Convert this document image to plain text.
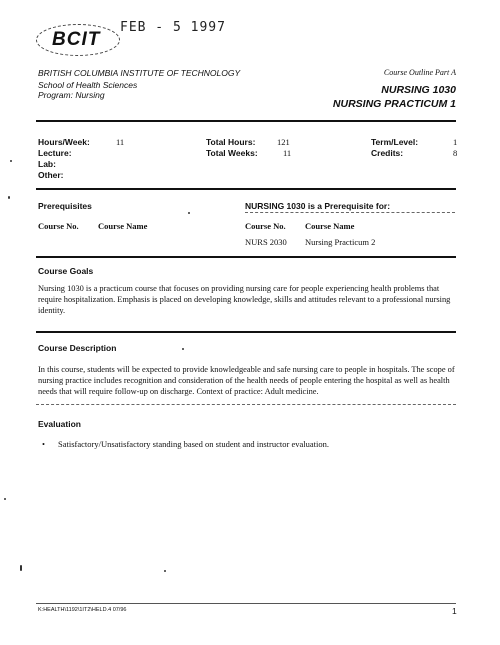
BCIT
FEB - 5 1997
BRITISH COLUMBIA INSTITUTE OF TECHNOLOGY
School of Health Sciences
Program: Nursing
Course Outline Part A
NURSING 1030
NURSING PRACTICUM 1
Hours/Week:	11
Lecture:
Lab:
Other:
Total Hours:	121
Total Weeks:	11
Term/Level:	1
Credits:	8
Prerequisites
Course No. Course Name
NURSING 1030 is a Prerequisite for:
Course No. Course Name
NURS 2030 Nursing Practicum 2
Course Goals
Nursing 1030 is a practicum course that focuses on providing nursing care for people experiencing health problems that require hospitalization. Emphasis is placed on developing knowledge, skills and attitudes relevant to a professional nursing identity.
Course Description
In this course, students will be expected to provide knowledgeable and safe nursing care to people in hospitals. The scope of nursing practice includes recognition and consideration of the health needs of people entering the hospital as well as health needs that will require follow-up on discharge. Context of practice: Adult medicine.
Evaluation
• Satisfactory/Unsatisfactory standing based on student and instructor evaluation.
K:HEALTH\1192\1IT2\HELD.4 07/96	1
